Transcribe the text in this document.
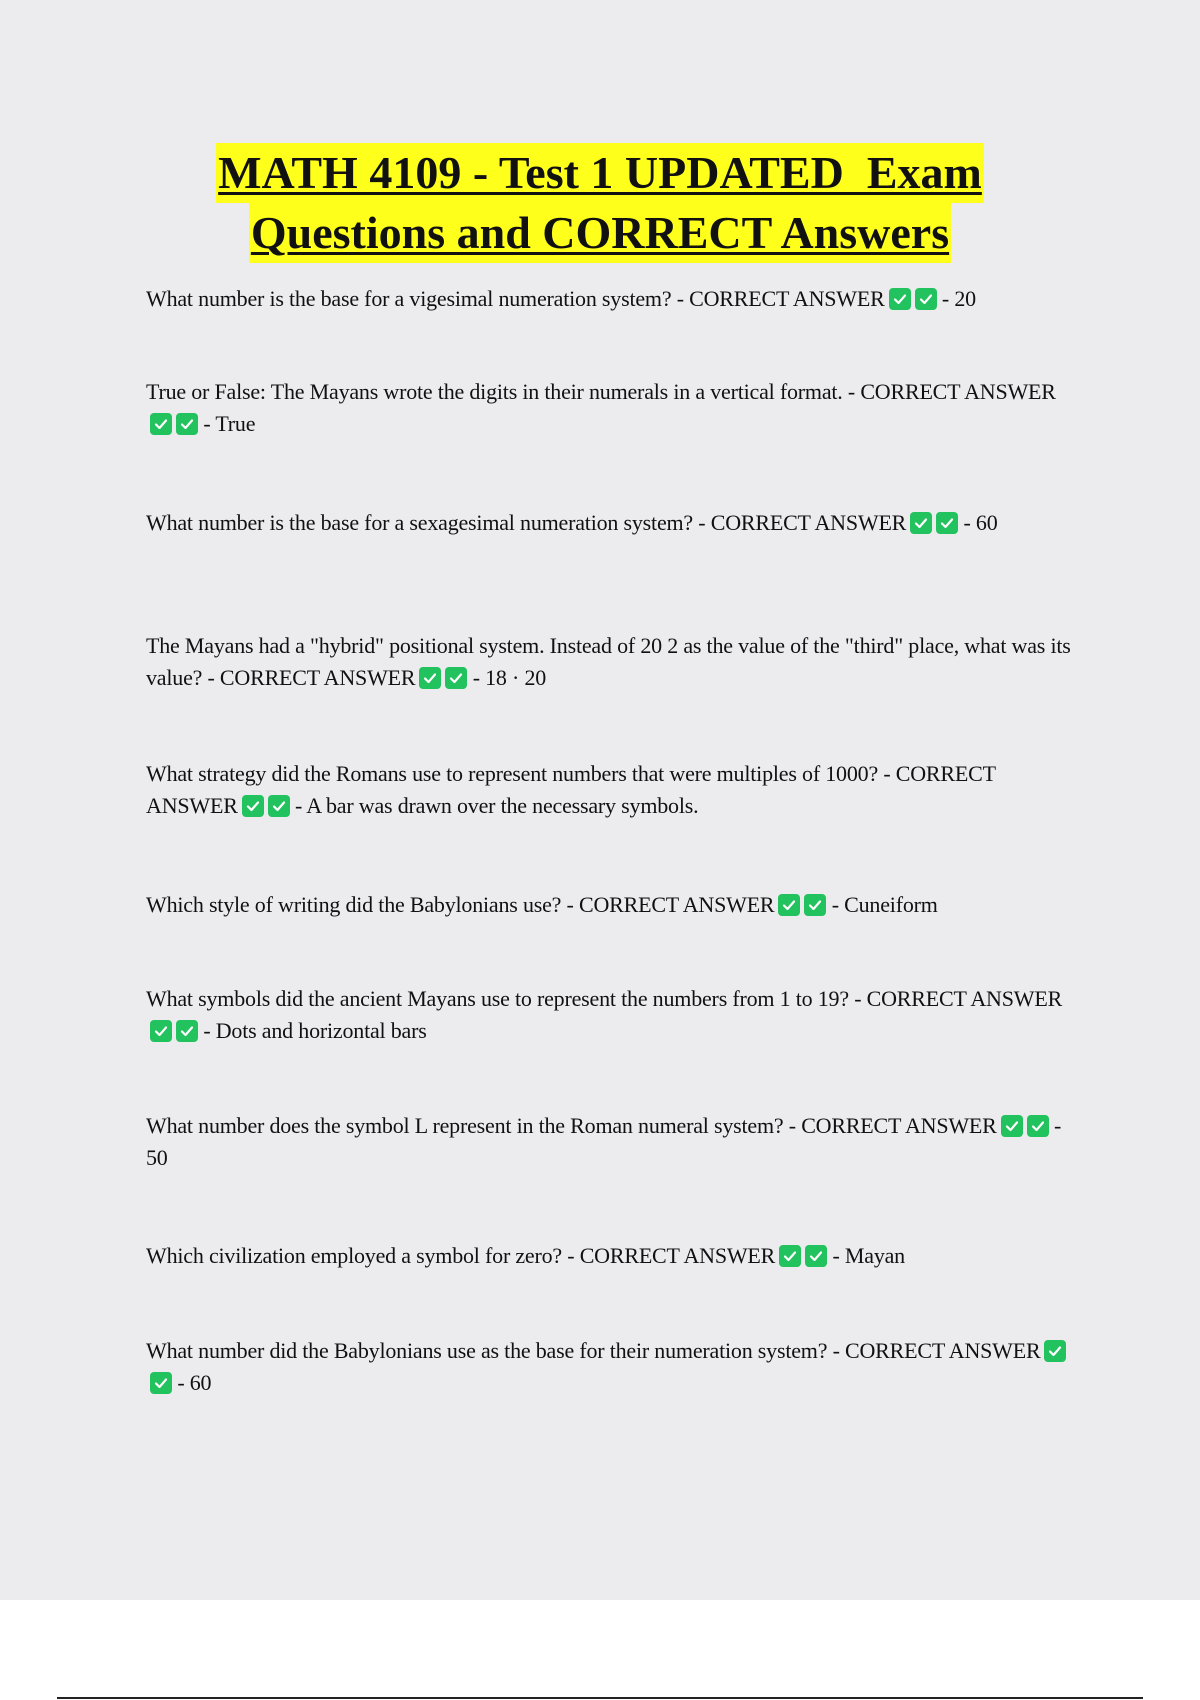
MATH 4109 - Test 1 UPDATED  Exam
Questions and CORRECT Answers

What number is the base for a vigesimal numeration system? - CORRECT ANSWER	- 20

True or False: The Mayans wrote the digits in their numerals in a vertical format. - CORRECT ANSWER
- True

What number is the base for a sexagesimal numeration system? - CORRECT ANSWER	- 60

The Mayans had a "hybrid" positional system. Instead of 20 2 as the value of the "third" place, what was its value? - CORRECT ANSWER	- 18 · 20

What strategy did the Romans use to represent numbers that were multiples of 1000? - CORRECT ANSWER	- A bar was drawn over the necessary symbols.

Which style of writing did the Babylonians use? - CORRECT ANSWER	- Cuneiform

What symbols did the ancient Mayans use to represent the numbers from 1 to 19? - CORRECT ANSWER
- Dots and horizontal bars

What number does the symbol L represent in the Roman numeral system? - CORRECT ANSWER	- 50

Which civilization employed a symbol for zero? - CORRECT ANSWER	- Mayan

What number did the Babylonians use as the base for their numeration system? - CORRECT ANSWER
- 60
